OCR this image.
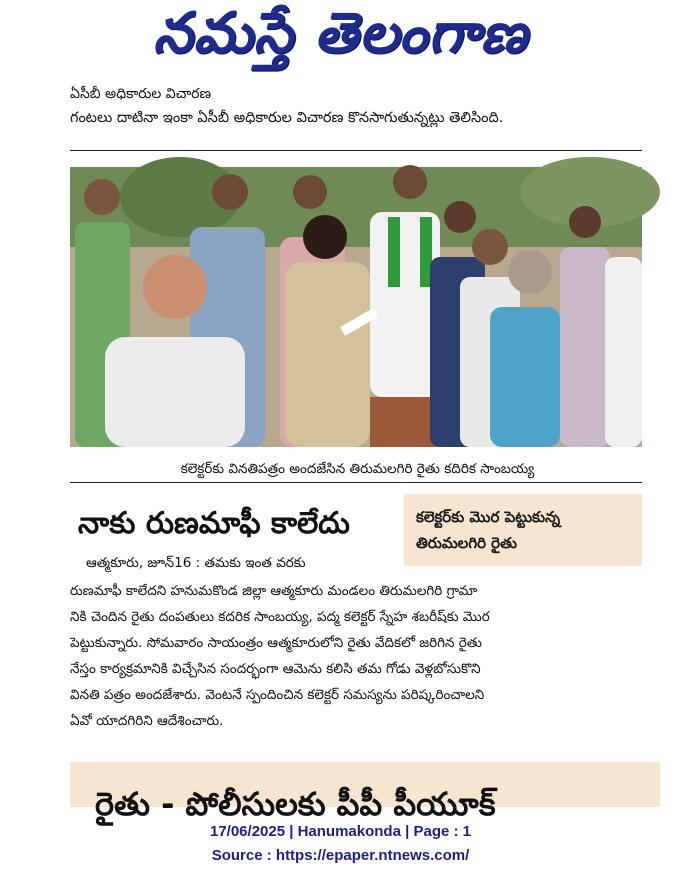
నమస్తే తెలంగాణ
ఏసీబీ అధికారుల విచారణ
గంటలు దాటినా ఇంకా ఏసీబీ అధికారుల విచారణ కొనసాగుతున్నట్లు తెలిసింది.
కలెక్టర్‌కు వినతిపత్రం అందజేసిన తిరుమలగిరి రైతు కదిరిక సాంబయ్య
నాకు రుణమాఫీ కాలేదు	కలెక్టర్‌కు మొర పెట్టుకున్న
తిరుమలగిరి రైతు
ఆత్మకూరు, జూన్‌16 : తమకు ఇంత వరకు
రుణమాఫీ కాలేదని హనుమకొండ జిల్లా ఆత్మకూరు మండలం తిరుమలగిరి గ్రామా
నికి చెందిన రైతు దంపతులు కదరిక సాంబయ్య, పద్మ కలెక్టర్‌ స్నేహ శబరీష్‌కు మొర
పెట్టుకున్నారు. సోమవారం సాయంత్రం ఆత్మకూరులోని రైతు వేదికలో జరిగిన రైతు
నేస్తం కార్యక్రమానికి విచ్చేసిన సందర్భంగా ఆమెను కలిసి తమ గోడు వెళ్లబోసుకొని
వినతి పత్రం అందజేశారు. వెంటనే స్పందించిన కలెక్టర్‌ సమస్యను పరిష్కరించాలని
ఏవో యాదగిరిని ఆదేశించారు.
రైతు - పోలీసులకు పీపీ పీయూక్
17/06/2025 | Hanumakonda | Page : 1
Source : https://epaper.ntnews.com/
